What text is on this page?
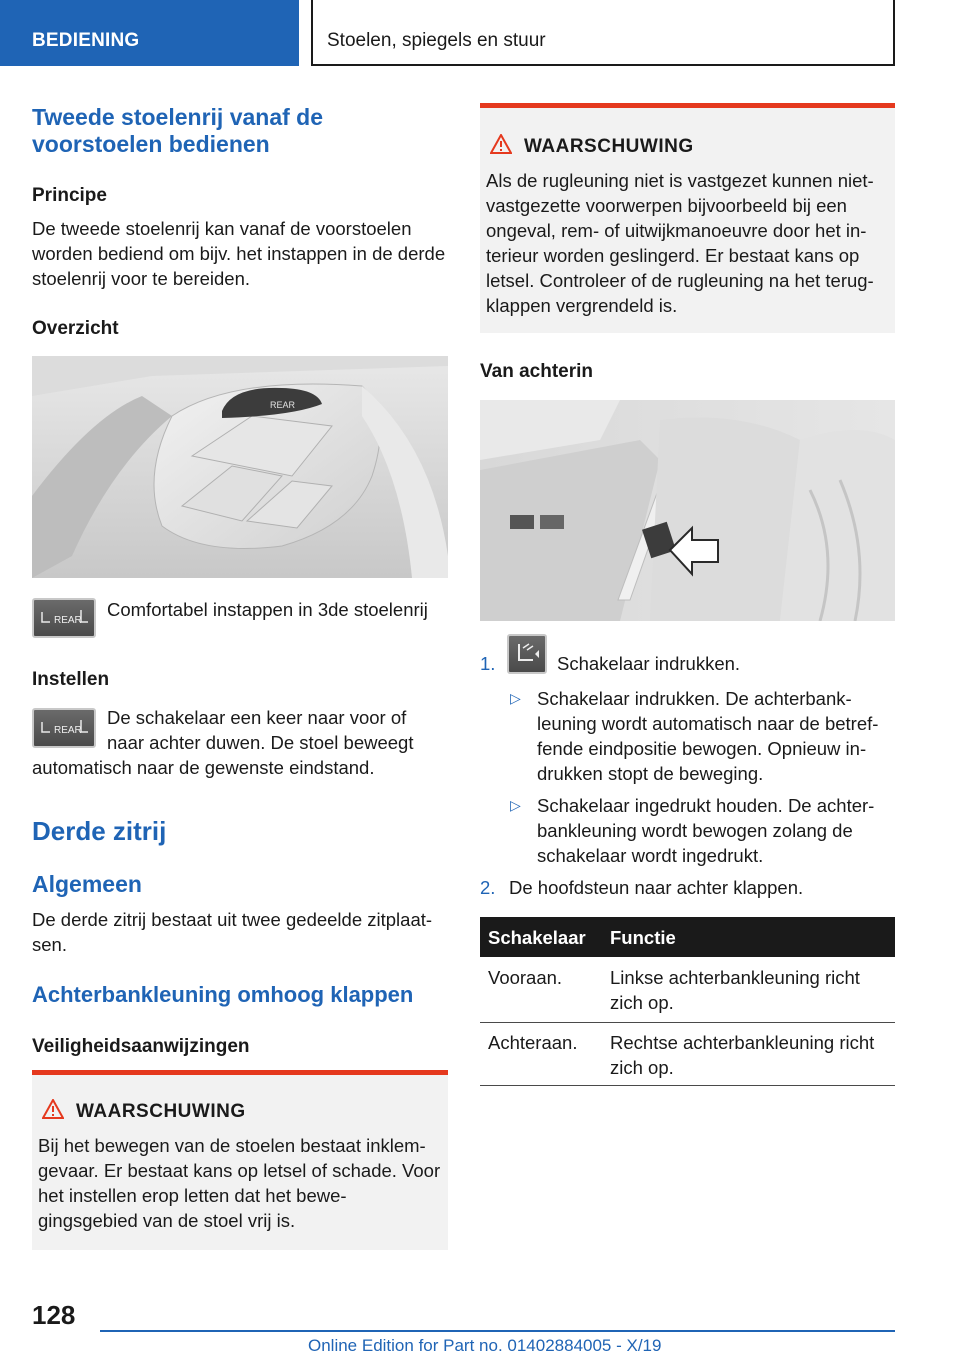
BEDIENING	Stoelen, spiegels en stuur
Tweede stoelenrij vanaf de voorstoelen bedienen
Principe
De tweede stoelenrij kan vanaf de voorstoelen worden bediend om bijv. het instappen in de derde stoelenrij voor te bereiden.
Overzicht
REAR
REAR
Comfortabel instappen in 3de stoelenrij
Instellen
REAR
De schakelaar een keer naar voor of naar achter duwen. De stoel beweegt
automatisch naar de gewenste eindstand.
Derde zitrij
Algemeen
De derde zitrij bestaat uit twee gedeelde zitplaat-sen.
Achterbankleuning omhoog klappen
Veiligheidsaanwijzingen
WAARSCHUWING
Bij het bewegen van de stoelen bestaat inklem-gevaar. Er bestaat kans op letsel of schade. Voor het instellen erop letten dat het bewe-gingsgebied van de stoel vrij is.
WAARSCHUWING
Als de rugleuning niet is vastgezet kunnen niet-vastgezette voorwerpen bijvoorbeeld bij een ongeval, rem- of uitwijkmanoeuvre door het in-terieur worden geslingerd. Er bestaat kans op letsel. Controleer of de rugleuning na het terug-klappen vergrendeld is.
Van achterin
1.	Schakelaar indrukken.
▷ Schakelaar indrukken. De achterbank-leuning wordt automatisch naar de betref-fende eindpositie bewogen. Opnieuw in-drukken stopt de beweging.
▷ Schakelaar ingedrukt houden. De achter-bankleuning wordt bewogen zolang de schakelaar wordt ingedrukt.
2. De hoofdsteun naar achter klappen.
Schakelaar Functie
Vooraan.	Linkse achterbankleuning richt zich op.
Achteraan. Rechtse achterbankleuning richt zich op.
128
Online Edition for Part no. 01402884005 - X/19
